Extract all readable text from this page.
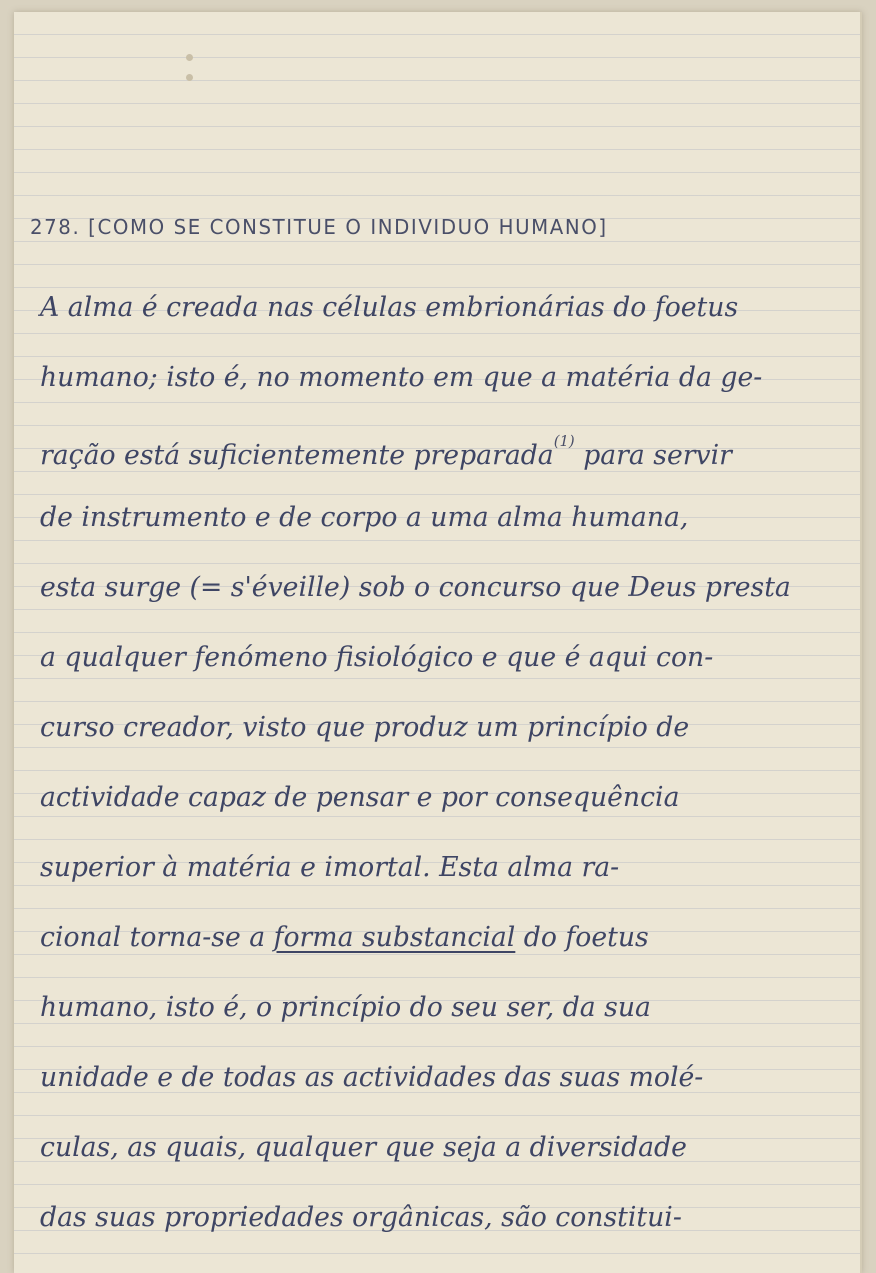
278. [COMO SE CONSTITUE O INDIVIDUO HUMANO]
A alma é creada nas células embrionárias do foetus
humano; isto é, no momento em que a matéria da ge-
ração está suficientemente preparada$^{(1)}$ para servir
de instrumento e de corpo a uma alma humana,
esta surge (= s'éveille) sob o concurso que Deus presta
a qualquer fenómeno fisiológico e que é aqui con-
curso creador, visto que produz um princípio de
actividade capaz de pensar e por consequência
superior à matéria e imortal. Esta alma ra-
cional torna-se a forma substancial do foetus
humano, isto é, o princípio do seu ser, da sua
unidade e de todas as actividades das suas molé-
culas, as quais, qualquer que seja a diversidade
das suas propriedades orgânicas, são constitui-
